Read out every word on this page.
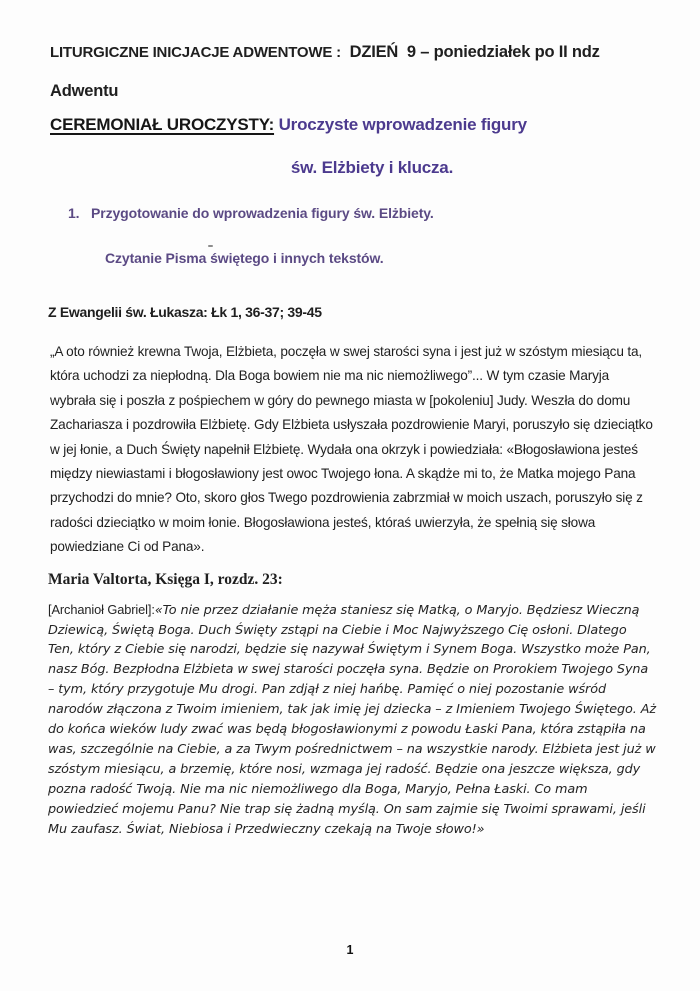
LITURGICZNE INICJACJE ADWENTOWE : DZIEŃ  9 – poniedziałek po II ndz Adwentu
CEREMONIAŁ UROCZYSTY: Uroczyste wprowadzenie figury
św. Elżbiety i klucza.
1. Przygotowanie do wprowadzenia figury św. Elżbiety.
Czytanie Pisma świętego i innych tekstów.
Z Ewangelii św. Łukasza: Łk 1, 36-37; 39-45

„A oto również krewna Twoja, Elżbieta, poczęła w swej starości syna i jest już w szóstym miesiącu ta, która uchodzi za niepłodną. Dla Boga bowiem nie ma nic niemożliwego”... W tym czasie Maryja wybrała się i poszła z pośpiechem w góry do pewnego miasta w [pokoleniu] Judy. Weszła do domu Zachariasza i pozdrowiła Elżbietę. Gdy Elżbieta usłyszała pozdrowienie Maryi, poruszyło się dzieciątko w jej łonie, a Duch Święty napełnił Elżbietę. Wydała ona okrzyk i powiedziała: «Błogosławiona jesteś między niewiastami i błogosławiony jest owoc Twojego łona. A skądże mi to, że Matka mojego Pana przychodzi do mnie? Oto, skoro głos Twego pozdrowienia zabrzmiał w moich uszach, poruszyło się z radości dzieciątko w moim łonie. Błogosławiona jesteś, któraś uwierzyła, że spełnią się słowa powiedziane Ci od Pana».

Maria Valtorta, Księga I, rozdz. 23:

[Archanioł Gabriel]:«To nie przez działanie męża staniesz się Matką, o Maryjo. Będziesz Wieczną Dziewicą, Świętą Boga. Duch Święty zstąpi na Ciebie i Moc Najwyższego Cię osłoni. Dlatego Ten, który z Ciebie się narodzi, będzie się nazywał Świętym i Synem Boga. Wszystko może Pan, nasz Bóg. Bezpłodna Elżbieta w swej starości poczęła syna. Będzie on Prorokiem Twojego Syna – tym, który przygotuje Mu drogi. Pan zdjął z niej hańbę. Pamięć o niej pozostanie wśród narodów złączona z Twoim imieniem, tak jak imię jej dziecka – z Imieniem Twojego Świętego. Aż do końca wieków ludy zwać was będą błogosławionymi z powodu Łaski Pana, która zstąpiła na was, szczególnie na Ciebie, a za Twym pośrednictwem – na wszystkie narody. Elżbieta jest już w szóstym miesiącu, a brzemię, które nosi, wzmaga jej radość. Będzie ona jeszcze większa, gdy pozna radość Twoją. Nie ma nic niemożliwego dla Boga, Maryjo, Pełna Łaski. Co mam powiedzieć mojemu Panu? Nie trap się żadną myślą. On sam zajmie się Twoimi sprawami, jeśli Mu zaufasz. Świat, Niebiosa i Przedwieczny czekają na Twoje słowo!»

1
